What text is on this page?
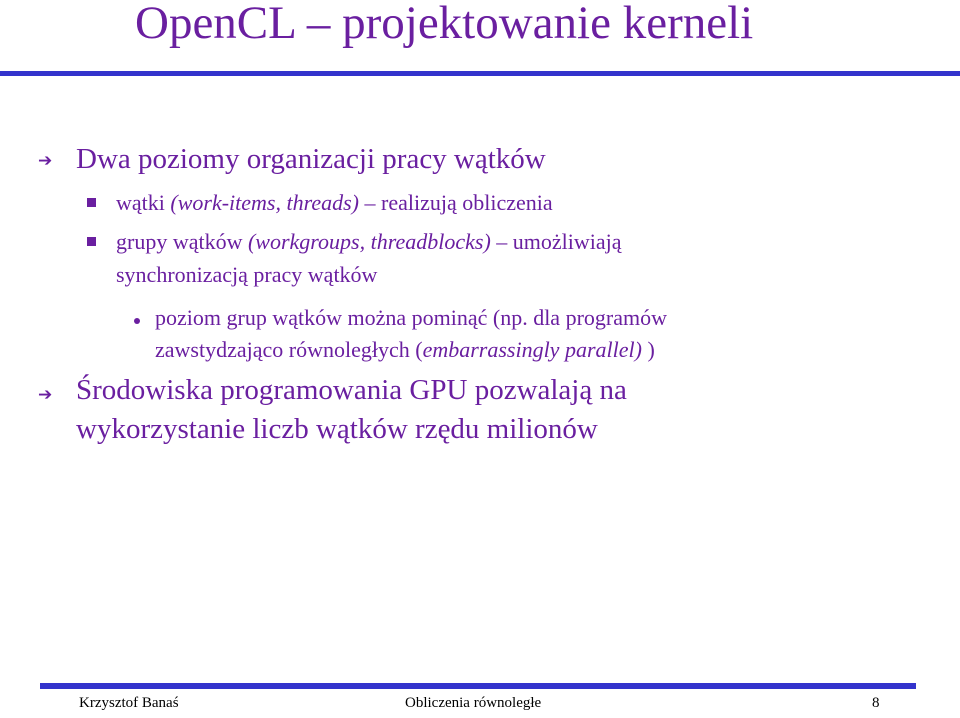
OpenCL – projektowanie kerneli
➔ Dwa poziomy organizacji pracy wątków
wątki (work-items, threads) – realizują obliczenia
grupy wątków (workgroups, threadblocks) – umożliwiają
synchronizacją pracy wątków
poziom grup wątków można pominąć (np. dla programów
zawstydzająco równoległych (embarrassingly parallel) )
➔ Środowiska programowania GPU pozwalają na
wykorzystanie liczb wątków rzędu milionów
Krzysztof Banaś	Obliczenia równoległe	8
